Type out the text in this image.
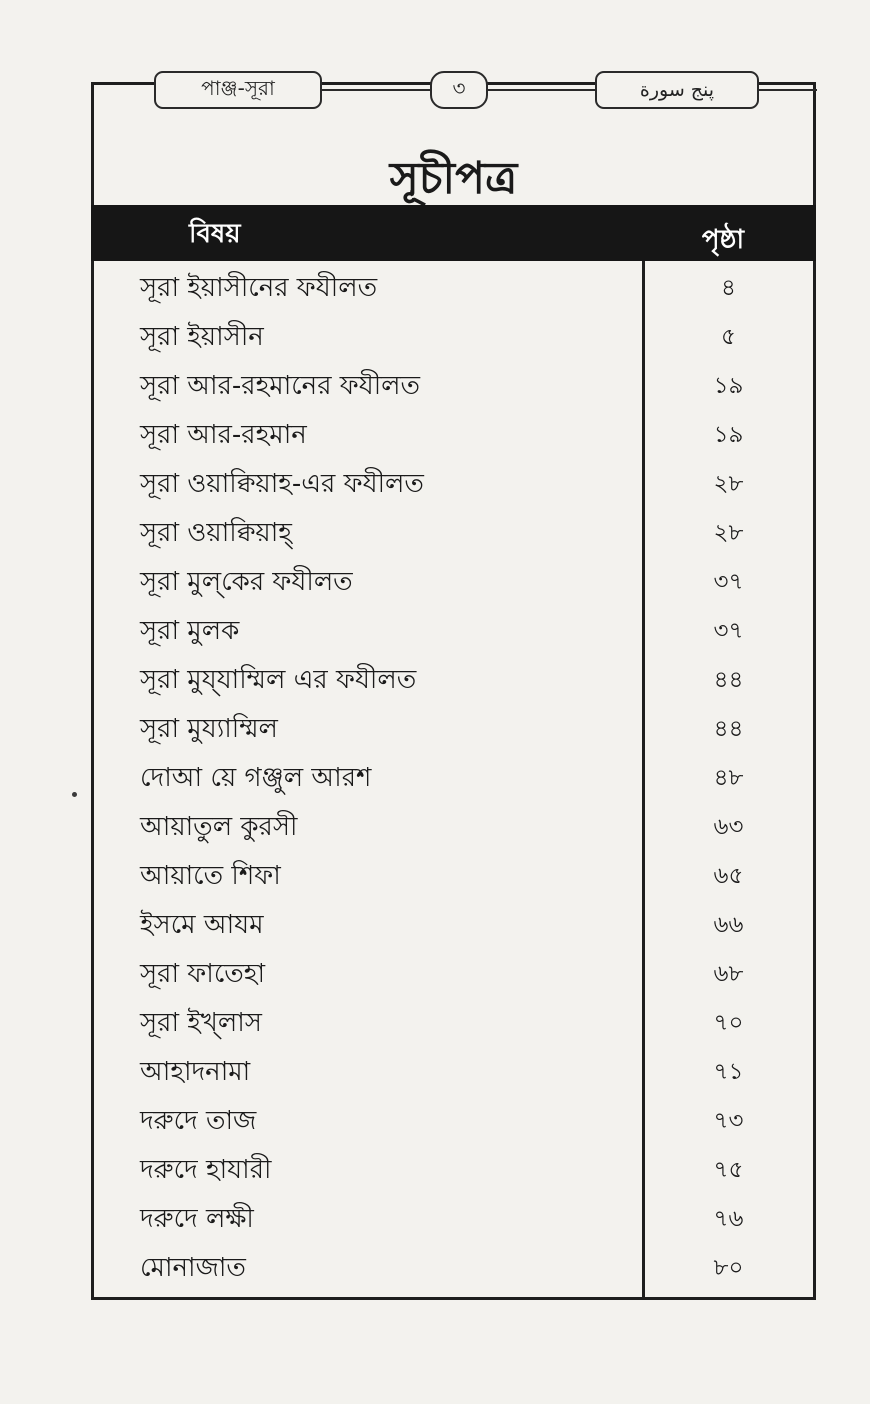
পাঞ্জ-সূরা	৩	پنج سورة
সূচীপত্র
বিষয়	পৃষ্ঠা
সূরা ইয়াসীনের ফযীলত	৪
সূরা ইয়াসীন	৫
সূরা আর-রহমানের ফযীলত	১৯
সূরা আর-রহমান	১৯
সূরা ওয়াক্বিয়াহ-এর ফযীলত	২৮
সূরা ওয়াক্বিয়াহ্	২৮
সূরা মুল্‌কের ফযীলত	৩৭
সূরা মুলক	৩৭
সূরা মুয্‌যাম্মিল এর ফযীলত	৪৪
সূরা মুয্যাম্মিল	৪৪
দোআ য়ে গঞ্জুল আরশ	৪৮
আয়াতুল কুরসী	৬৩
আয়াতে শিফা	৬৫
ইসমে আযম	৬৬
সূরা ফাতেহা	৬৮
সূরা ইখ্‌লাস	৭০
আহাদনামা	৭১
দরুদে তাজ	৭৩
দরুদে হাযারী	৭৫
দরুদে লক্ষী	৭৬
মোনাজাত	৮০
